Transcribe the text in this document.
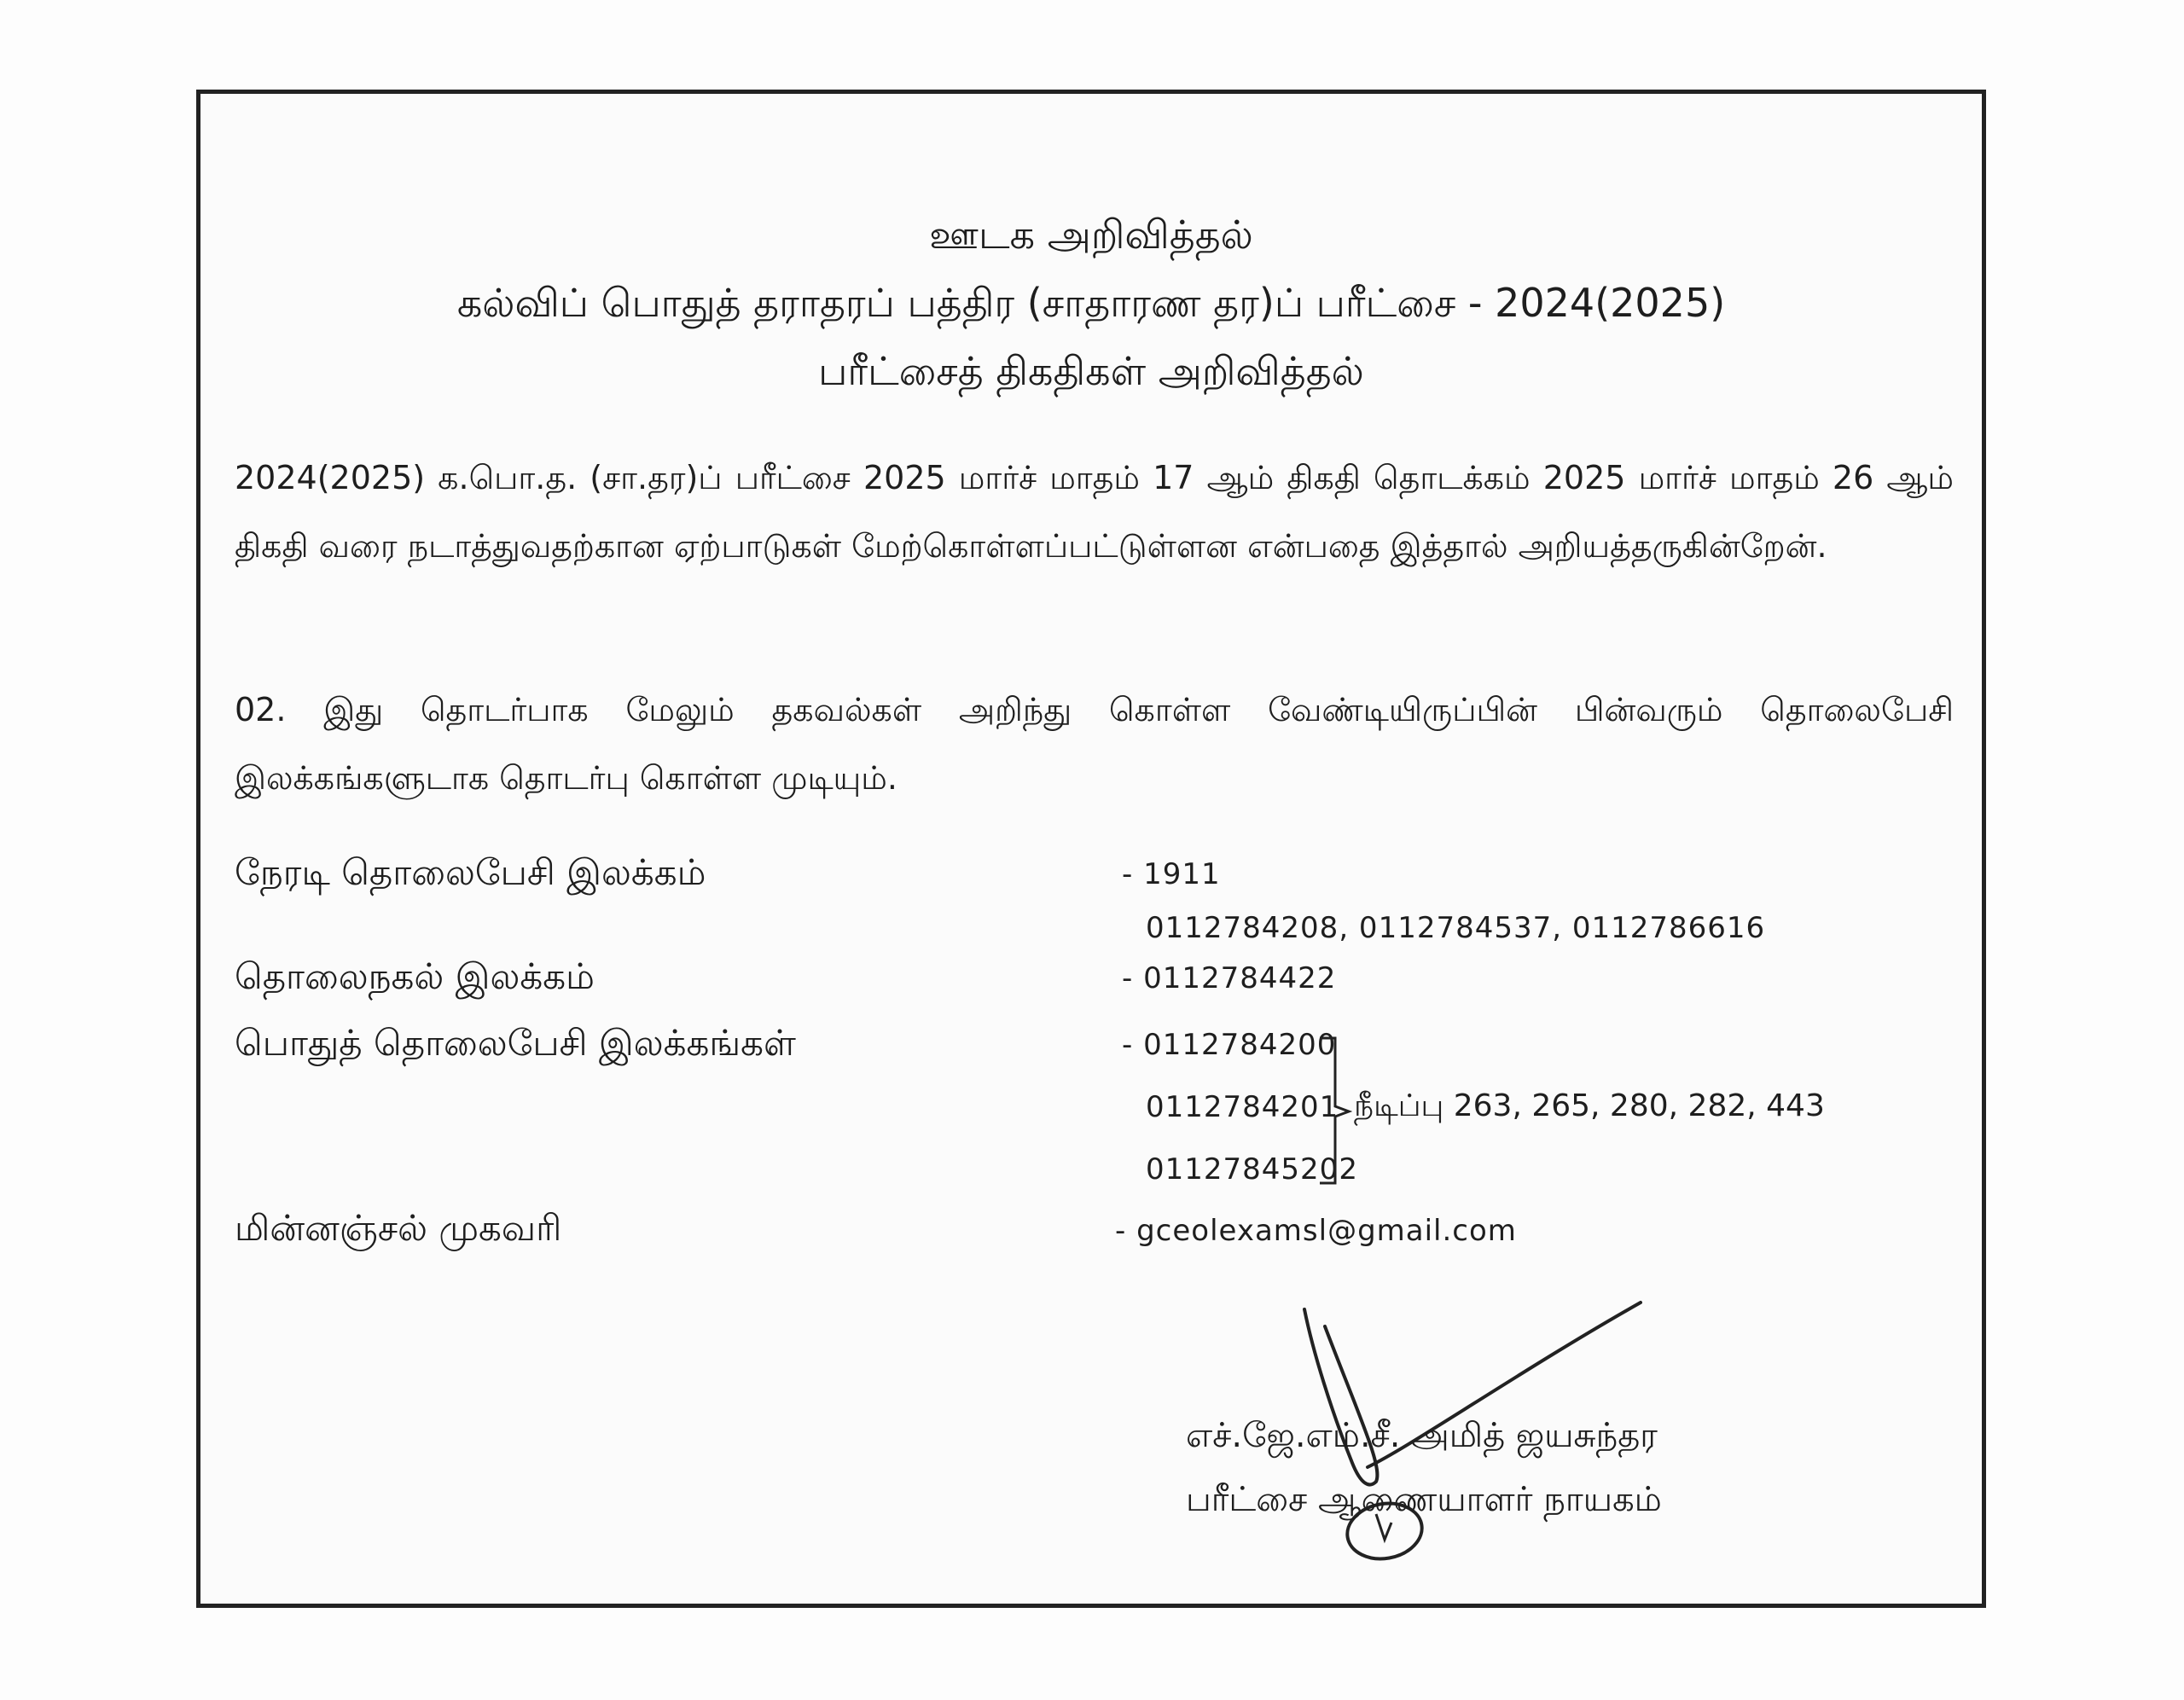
ஊடக அறிவித்தல்
கல்விப் பொதுத் தராதரப் பத்திர (சாதாரண தர)ப் பரீட்சை - 2024(2025)
பரீட்சைத் திகதிகள் அறிவித்தல்
2024(2025) க.பொ.த. (சா.தர)ப் பரீட்சை 2025 மார்ச் மாதம் 17 ஆம் திகதி தொடக்கம் 2025 மார்ச் மாதம் 26 ஆம் திகதி வரை நடாத்துவதற்கான ஏற்பாடுகள் மேற்கொள்ளப்பட்டுள்ளன என்பதை இத்தால் அறியத்தருகின்றேன்.
02. இது தொடர்பாக மேலும் தகவல்கள் அறிந்து கொள்ள வேண்டியிருப்பின் பின்வரும் தொலைபேசி இலக்கங்களுடாக தொடர்பு கொள்ள முடியும்.
நேரடி தொலைபேசி இலக்கம்	- 1911
0112784208, 0112784537, 0112786616
தொலைநகல் இலக்கம்	- 0112784422
பொதுத் தொலைபேசி இலக்கங்கள்	- 0112784200
0112784201
01127845202
நீடிப்பு 263, 265, 280, 282, 443
மின்னஞ்சல் முகவரி	- gceolexamsl@gmail.com
எச்.ஜே.எம்.சீ. அமித் ஜயசுந்தர
பரீட்சை ஆணையாளர் நாயகம்
